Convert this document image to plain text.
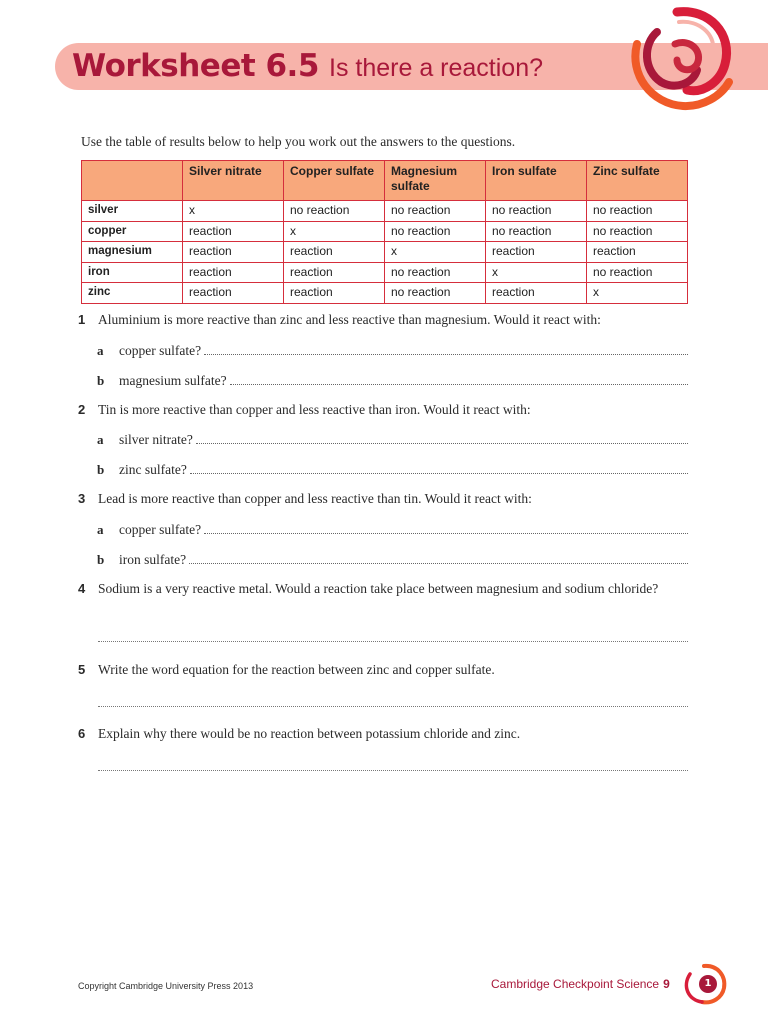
Worksheet 6.5 Is there a reaction?
Use the table of results below to help you work out the answers to the questions.
	Silver nitrate	Copper sulfate	Magnesium sulfate	Iron sulfate	Zinc sulfate
silver	x	no reaction	no reaction	no reaction	no reaction
copper	reaction	x	no reaction	no reaction	no reaction
magnesium	reaction	reaction	x	reaction	reaction
iron	reaction	reaction	no reaction	x	no reaction
zinc	reaction	reaction	no reaction	reaction	x
1 Aluminium is more reactive than zinc and less reactive than magnesium. Would it react with:
a	copper sulfate?
b	magnesium sulfate?
2 Tin is more reactive than copper and less reactive than iron. Would it react with:
a	silver nitrate?
b	zinc sulfate?
3 Lead is more reactive than copper and less reactive than tin. Would it react with:
a	copper sulfate?
b	iron sulfate?
4 Sodium is a very reactive metal. Would a reaction take place between magnesium and sodium chloride?
5 Write the word equation for the reaction between zinc and copper sulfate.
6 Explain why there would be no reaction between potassium chloride and zinc.
Copyright Cambridge University Press 2013	Cambridge Checkpoint Science 9	1
